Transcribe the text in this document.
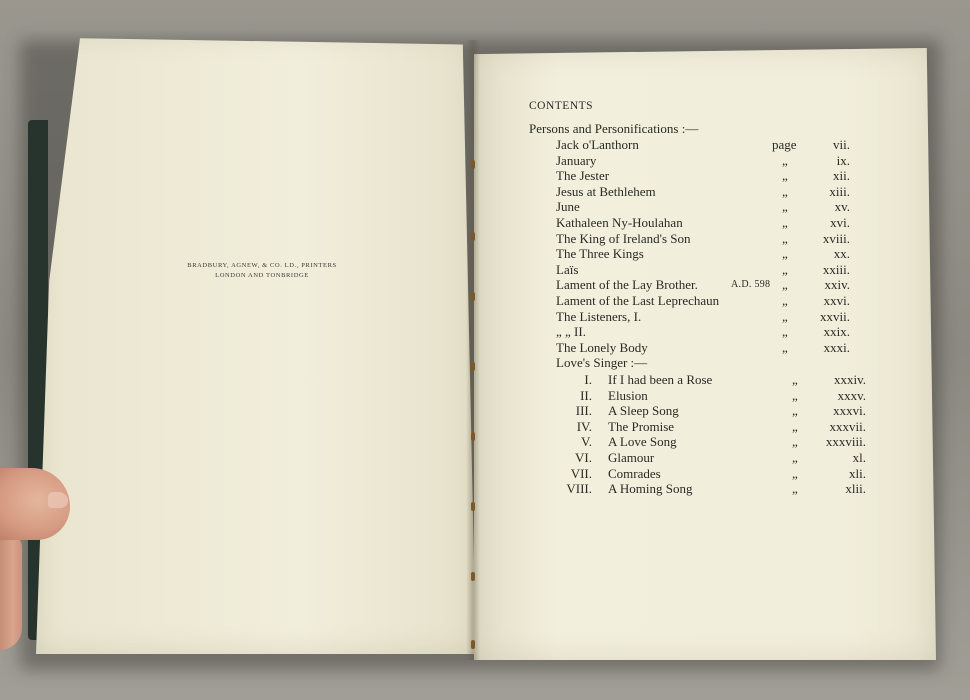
BRADBURY, AGNEW, & CO. LD., PRINTERS
LONDON AND TONBRIDGE
CONTENTS
Persons and Personifications :—
Jack o'Lanthorn	page	vii.
January	„	ix.
The Jester	„	xii.
Jesus at Bethlehem	„	xiii.
June	„	xv.
Kathaleen Ny-Houlahan	„	xvi.
The King of Ireland's Son	„	xviii.
The Three Kings	„	xx.
Laïs	„	xxiii.
Lament of the Lay Brother.	A.D. 598 „	xxiv.
Lament of the Last Leprechaun	„	xxvi.
The Listeners, I.	„ xxvii.
„ „ II.	„	xxix.
The Lonely Body	„	xxxi.
Love's Singer :—
I. If I had been a Rose	„	xxxiv.
II. Elusion	„	xxxv.
III. A Sleep Song	„	xxxvi.
IV. The Promise	„ xxxvii.
V. A Love Song	„ xxxviii.
VI. Glamour	„	xl.
VII. Comrades	„	xli.
VIII. A Homing Song	„	xlii.
